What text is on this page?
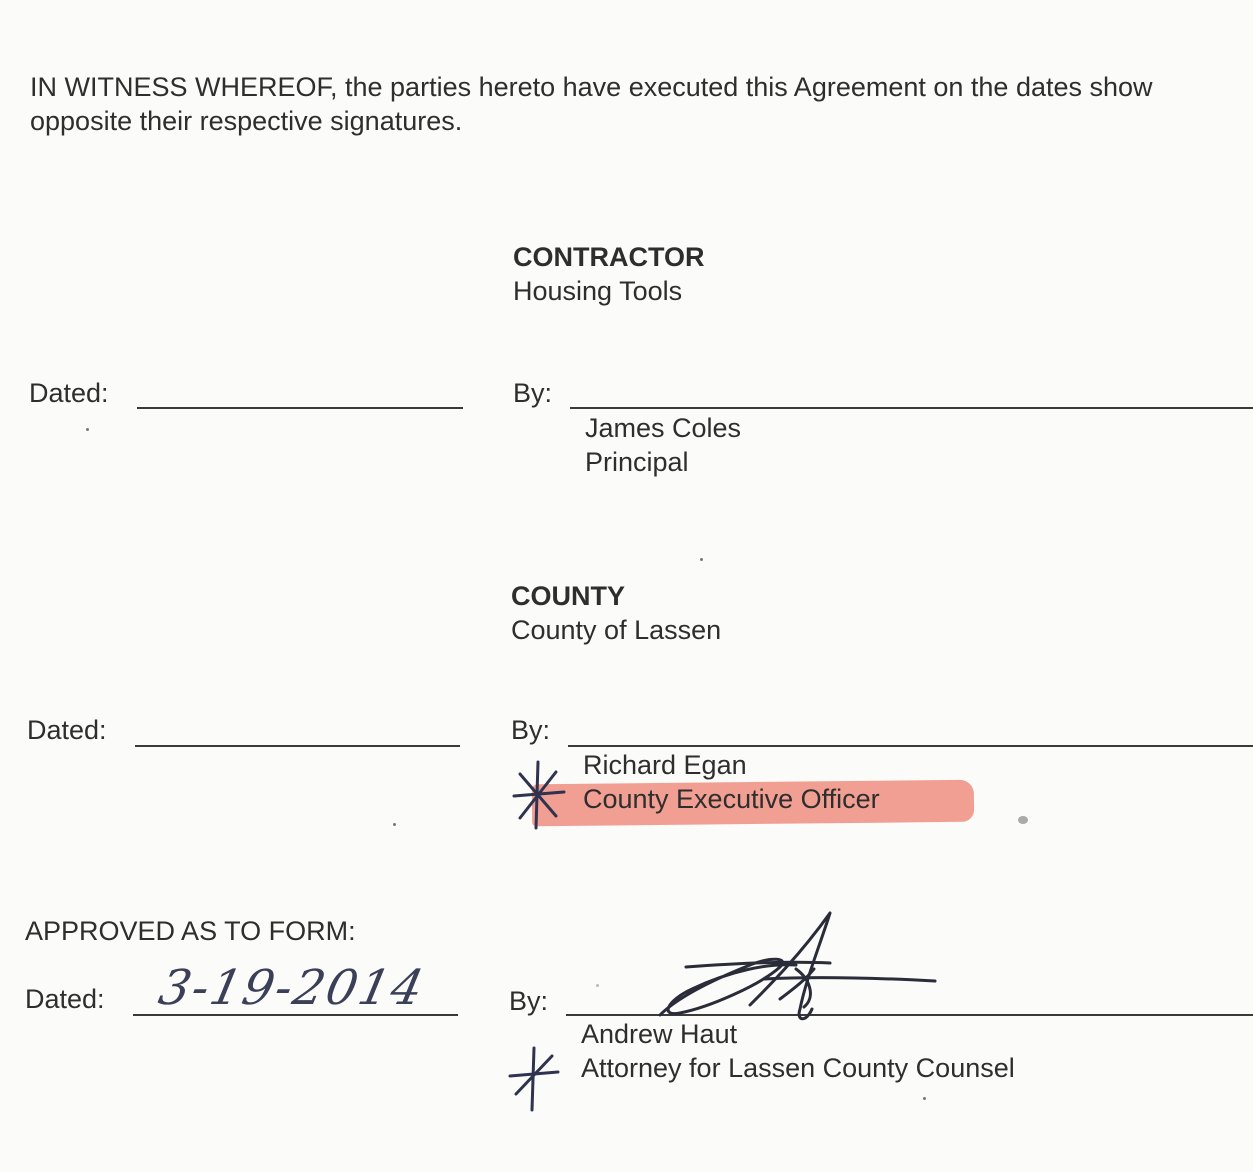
IN WITNESS WHEREOF, the parties hereto have executed this Agreement on the dates show
opposite their respective signatures.
CONTRACTOR
Housing Tools
Dated:	By:
James Coles
Principal
COUNTY
County of Lassen
Dated:	By:
Richard Egan
County Executive Officer
APPROVED AS TO FORM:
Dated: 3-19-2014	By:
Andrew Haut
Attorney for Lassen County Counsel
